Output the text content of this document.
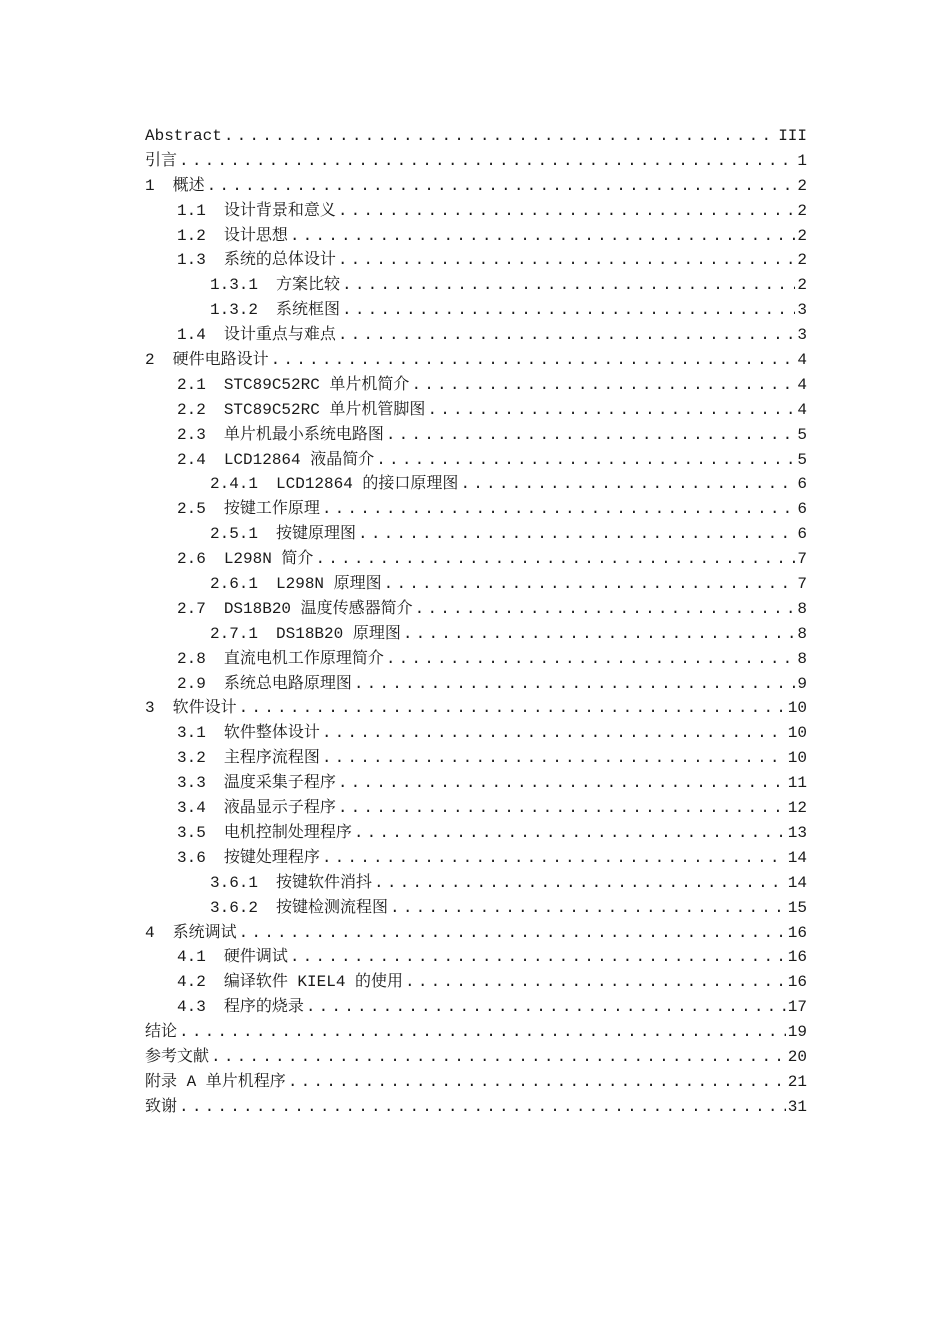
Abstract .....	III
引言 .....	1
1 概述 .....	2
1.1 设计背景和意义 .....	2
1.2 设计思想 .....	2
1.3 系统的总体设计 .....	2
1.3.1 方案比较 .....	2
1.3.2 系统框图 .....	3
1.4 设计重点与难点 .....	3
2 硬件电路设计 .....	4
2.1 STC89C52RC 单片机简介 .....	4
2.2 STC89C52RC 单片机管脚图 .....	4
2.3 单片机最小系统电路图 .....	5
2.4 LCD12864 液晶简介 .....	5
2.4.1 LCD12864 的接口原理图 .....	6
2.5 按键工作原理 .....	6
2.5.1 按键原理图 .....	6
2.6 L298N 简介 .....	7
2.6.1 L298N 原理图 .....	7
2.7 DS18B20 温度传感器简介 .....	8
2.7.1 DS18B20 原理图 .....	8
2.8 直流电机工作原理简介 .....	8
2.9 系统总电路原理图 .....	9
3 软件设计 .....	10
3.1 软件整体设计 .....	10
3.2 主程序流程图 .....	10
3.3 温度采集子程序 .....	11
3.4 液晶显示子程序 .....	12
3.5 电机控制处理程序 .....	13
3.6 按键处理程序 .....	14
3.6.1 按键软件消抖 .....	14
3.6.2 按键检测流程图 .....	15
4 系统调试 .....	16
4.1 硬件调试 .....	16
4.2 编译软件 KIEL4 的使用 .....	16
4.3 程序的烧录 .....	17
结论 .....	19
参考文献 .....	20
附录 A 单片机程序 .....	21
致谢 .....	31
